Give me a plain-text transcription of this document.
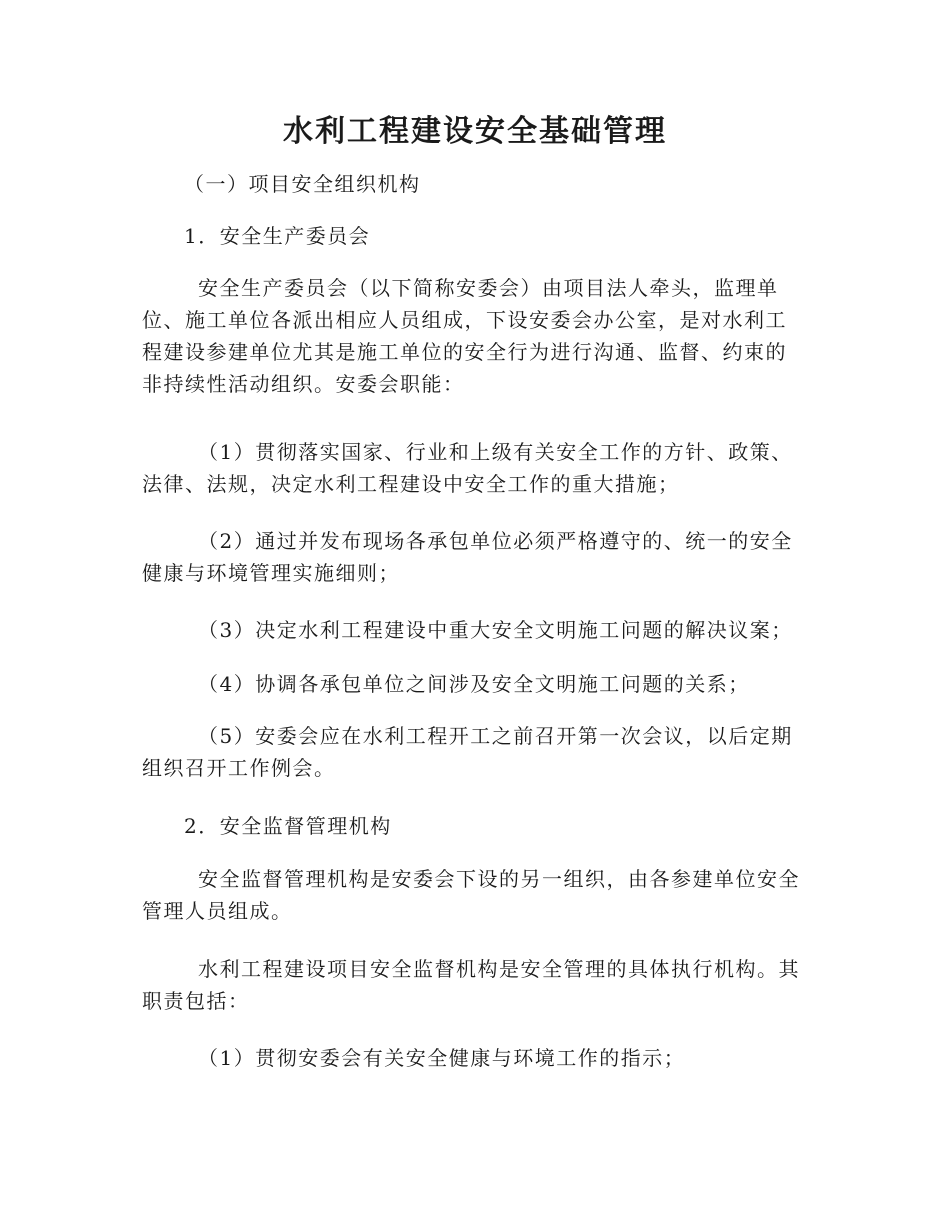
水利工程建设安全基础管理

（一）项目安全组织机构

1．安全生产委员会

安全生产委员会（以下简称安委会）由项目法人牵头，监理单位、施工单位各派出相应人员组成，下设安委会办公室，是对水利工程建设参建单位尤其是施工单位的安全行为进行沟通、监督、约束的非持续性活动组织。安委会职能：

（1）贯彻落实国家、行业和上级有关安全工作的方针、政策、法律、法规，决定水利工程建设中安全工作的重大措施；

（2）通过并发布现场各承包单位必须严格遵守的、统一的安全健康与环境管理实施细则；

（3）决定水利工程建设中重大安全文明施工问题的解决议案；

（4）协调各承包单位之间涉及安全文明施工问题的关系；

（5）安委会应在水利工程开工之前召开第一次会议，以后定期组织召开工作例会。

2．安全监督管理机构

安全监督管理机构是安委会下设的另一组织，由各参建单位安全管理人员组成。

水利工程建设项目安全监督机构是安全管理的具体执行机构。其职责包括：

（1）贯彻安委会有关安全健康与环境工作的指示；
